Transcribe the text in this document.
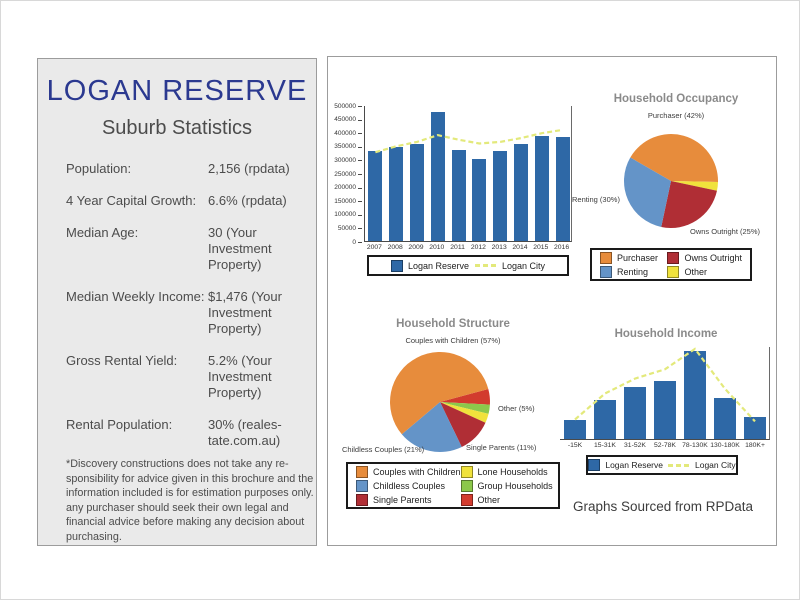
LOGAN RESERVE
Suburb Statistics
Population:	2,156 (rpdata)
4 Year Capital Growth: 6.6% (rpdata)
Median Age:	30 (Your Investment Property)
Median Weekly Income: $1,476 (Your Investment Property)
Gross Rental Yield:	5.2% (Your Investment Property)
Rental Population:	30% (reales-tate.com.au)
*Discovery constructions does not take any re-sponsibility for advice given in this brochure and the information included is for estimation purposes only. any purchaser should seek their own legal and financial advice before making any decision about purchasing.
0
50000
100000
150000
200000
250000
300000
350000
400000
450000
500000
2007 2008 2009 2010 2011 2012 2013 2014 2015 2016
Logan Reserve	Logan City
Household Occupancy
Purchaser (42%)
Renting (30%)
Owns Outright (25%)
Purchaser	Owns Outright
Renting	Other
Household Structure
Couples with Children (57%)
Other (5%)
Single Parents (11%)
Childless Couples (21%)
Couples with Children Lone Households
Childless Couples	Group Households
Single Parents	Other
Household Income
-15K	15-31K	31-52K	52-78K 78-130K 130-180K 180K+
Logan Reserve	Logan City
Graphs Sourced from RPData
